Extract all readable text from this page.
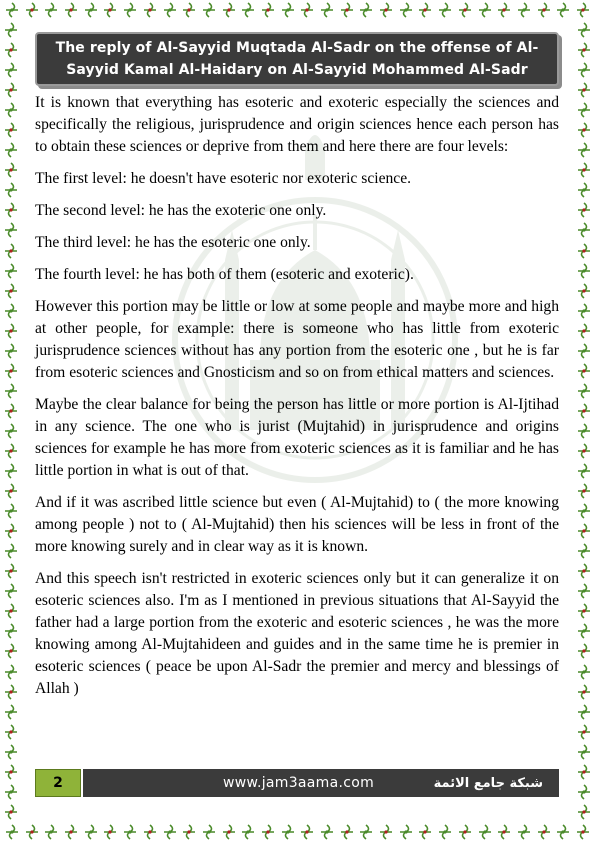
The reply of Al-Sayyid Muqtada Al-Sadr on the offense of Al-
Sayyid Kamal Al-Haidary on Al-Sayyid Mohammed Al-Sadr

It is known that everything has esoteric and exoteric especially the sciences and specifically the religious, jurisprudence and origin sciences hence each person has to obtain these sciences or deprive from them and here there are four levels:

The first level: he doesn't have esoteric nor exoteric science.

The second level: he has the exoteric one only.

The third level: he has the esoteric one only.

The fourth level: he has both of them (esoteric and exoteric).

However this portion may be little or low at some people and maybe more and high at other people, for example: there is someone who has little from exoteric jurisprudence sciences without has any portion from the esoteric one , but he is far from esoteric sciences and Gnosticism and so on from ethical matters and sciences.

Maybe the clear balance for being the person has little or more portion is Al-Ijtihad in any science. The one who is jurist (Mujtahid) in jurisprudence and origins sciences for example he has more from exoteric sciences as it is familiar and he has little portion in what is out of that.

And if it was ascribed little science but even ( Al-Mujtahid) to ( the more knowing among people ) not to ( Al-Mujtahid) then his sciences will be less in front of the more knowing surely and in clear way as it is known.

And this speech isn't restricted in exoteric sciences only but it can generalize it on esoteric sciences also. I'm as I mentioned in previous situations that Al-Sayyid the father had a large portion from the exoteric and esoteric sciences , he was the more knowing among Al-Mujtahideen and guides and in the same time he is premier in esoteric sciences ( peace be upon Al-Sadr the premier and mercy and blessings of Allah )

2	www.jam3aama.com	شبكة جامع الائمة
